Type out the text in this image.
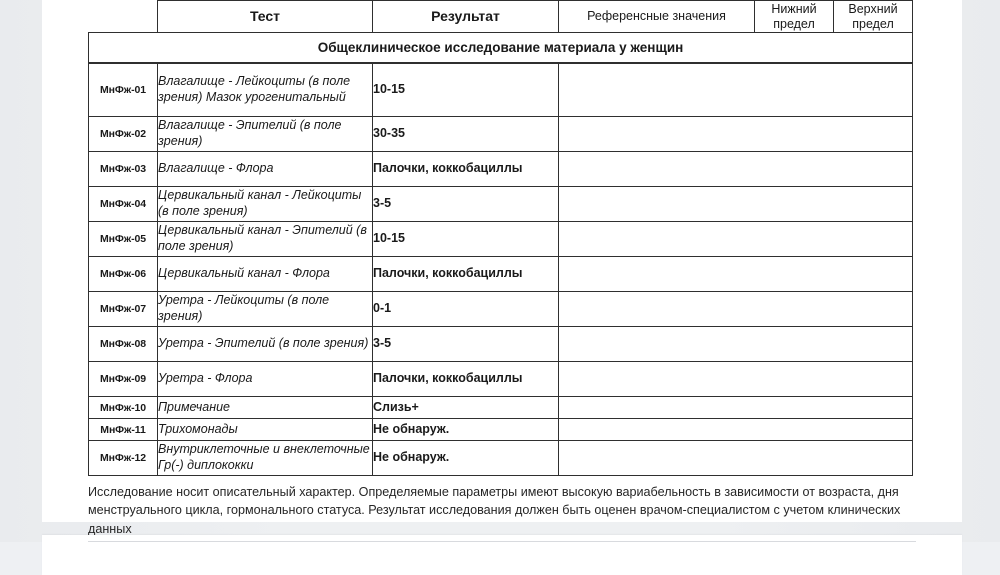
	Тест	Результат	Референсные значения	Нижний предел	Верхний предел
Общеклиническое исследование материала у женщин
МнФж-01	Влагалище - Лейкоциты (в поле зрения) Мазок урогенитальный	10-15	
МнФж-02	Влагалище - Эпителий (в поле зрения)	30-35	
МнФж-03	Влагалище - Флора	Палочки, коккобациллы	
МнФж-04	Цервикальный канал - Лейкоциты (в поле зрения)	3-5	
МнФж-05	Цервикальный канал - Эпителий (в поле зрения)	10-15	
МнФж-06	Цервикальный канал - Флора	Палочки, коккобациллы	
МнФж-07	Уретра - Лейкоциты (в поле зрения)	0-1	
МнФж-08	Уретра - Эпителий (в поле зрения)	3-5	
МнФж-09	Уретра - Флора	Палочки, коккобациллы	
МнФж-10	Примечание	Слизь+	
МнФж-11	Трихомонады	Не обнаруж.	
МнФж-12	Внутриклеточные и внеклеточные Гр(-) диплококки	Не обнаруж.	
Исследование носит описательный характер. Определяемые параметры имеют высокую вариабельность в зависимости от возраста, дня менструального цикла, гормонального статуса. Результат исследования должен быть оценен врачом-специалистом с учетом клинических данных
